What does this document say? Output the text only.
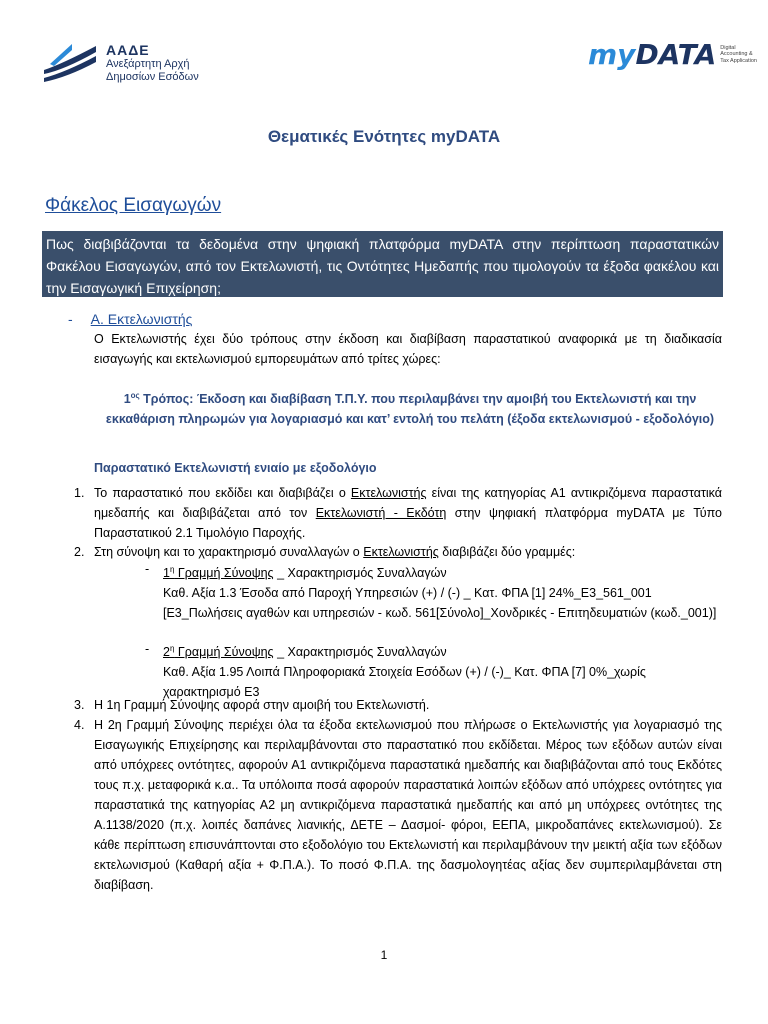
ΑΑΔΕ
Ανεξάρτητη Αρχή
Δημοσίων Εσόδων
myDATA Digital Accounting & Tax Application
Θεματικές Ενότητες myDATA
Φάκελος Εισαγωγών
Πως διαβιβάζονται τα δεδομένα στην ψηφιακή πλατφόρμα myDATA στην περίπτωση παραστατικών Φακέλου Εισαγωγών, από τον Εκτελωνιστή, τις Οντότητες Ημεδαπής που τιμολογούν τα έξοδα φακέλου και την Εισαγωγική Επιχείρηση;
- Α. Εκτελωνιστής
Ο Εκτελωνιστής έχει δύο τρόπους στην έκδοση και διαβίβαση παραστατικού αναφορικά με τη διαδικασία εισαγωγής και εκτελωνισμού εμπορευμάτων από τρίτες χώρες:
$1^{o\varsigma}$ Τρόπος: Έκδοση και διαβίβαση Τ.Π.Υ. που περιλαμβάνει την αμοιβή του Εκτελωνιστή και την εκκαθάριση πληρωμών για λογαριασμό και κατ’ εντολή του πελάτη (έξοδα εκτελωνισμού - εξοδολόγιο)
Παραστατικό Εκτελωνιστή ενιαίο με εξοδολόγιο
1. Το παραστατικό που εκδίδει και διαβιβάζει ο Εκτελωνιστής είναι της κατηγορίας Α1 αντικριζόμενα παραστατικά ημεδαπής και διαβιβάζεται από τον Εκτελωνιστή - Εκδότη στην ψηφιακή πλατφόρμα myDATA με Τύπο Παραστατικού 2.1 Τιμολόγιο Παροχής.
2. Στη σύνοψη και το χαρακτηρισμό συναλλαγών ο Εκτελωνιστής διαβιβάζει δύο γραμμές:
- $1^\eta$ Γραμμή Σύνοψης _ Χαρακτηρισμός Συναλλαγών
Καθ. Αξία 1.3 Έσοδα από Παροχή Υπηρεσιών (+) / (-) _ Κατ. ΦΠΑ [1] 24%_Ε3_561_001 [Ε3_Πωλήσεις αγαθών και υπηρεσιών - κωδ. 561[Σύνολο]_Χονδρικές - Επιτηδευματιών (κωδ._001)]
- $2^\eta$ Γραμμή Σύνοψης _ Χαρακτηρισμός Συναλλαγών
Καθ. Αξία 1.95 Λοιπά Πληροφοριακά Στοιχεία Εσόδων (+) / (-)_ Κατ. ΦΠΑ [7] 0%_χωρίς χαρακτηρισμό Ε3
3. Η 1η Γραμμή Σύνοψης αφορά στην αμοιβή του Εκτελωνιστή.
4. Η 2η Γραμμή Σύνοψης περιέχει όλα τα έξοδα εκτελωνισμού που πλήρωσε ο Εκτελωνιστής για λογαριασμό της Εισαγωγικής Επιχείρησης και περιλαμβάνονται στο παραστατικό που εκδίδεται. Μέρος των εξόδων αυτών είναι από υπόχρεες οντότητες, αφορούν Α1 αντικριζόμενα παραστατικά ημεδαπής και διαβιβάζονται από τους Εκδότες τους π.χ. μεταφορικά κ.α.. Τα υπόλοιπα ποσά αφορούν παραστατικά λοιπών εξόδων από υπόχρεες οντότητες για παραστατικά της κατηγορίας Α2 μη αντικριζόμενα παραστατικά ημεδαπής και από μη υπόχρεες οντότητες της Α.1138/2020 (π.χ. λοιπές δαπάνες λιανικής, ΔΕΤΕ – Δασμοί- φόροι, ΕΕΠΑ, μικροδαπάνες εκτελωνισμού). Σε κάθε περίπτωση επισυνάπτονται στο εξοδολόγιο του Εκτελωνιστή και περιλαμβάνουν την μεικτή αξία των εξόδων εκτελωνισμού (Καθαρή αξία + Φ.Π.Α.). Το ποσό Φ.Π.Α. της δασμολογητέας αξίας δεν συμπεριλαμβάνεται στη διαβίβαση.
1
